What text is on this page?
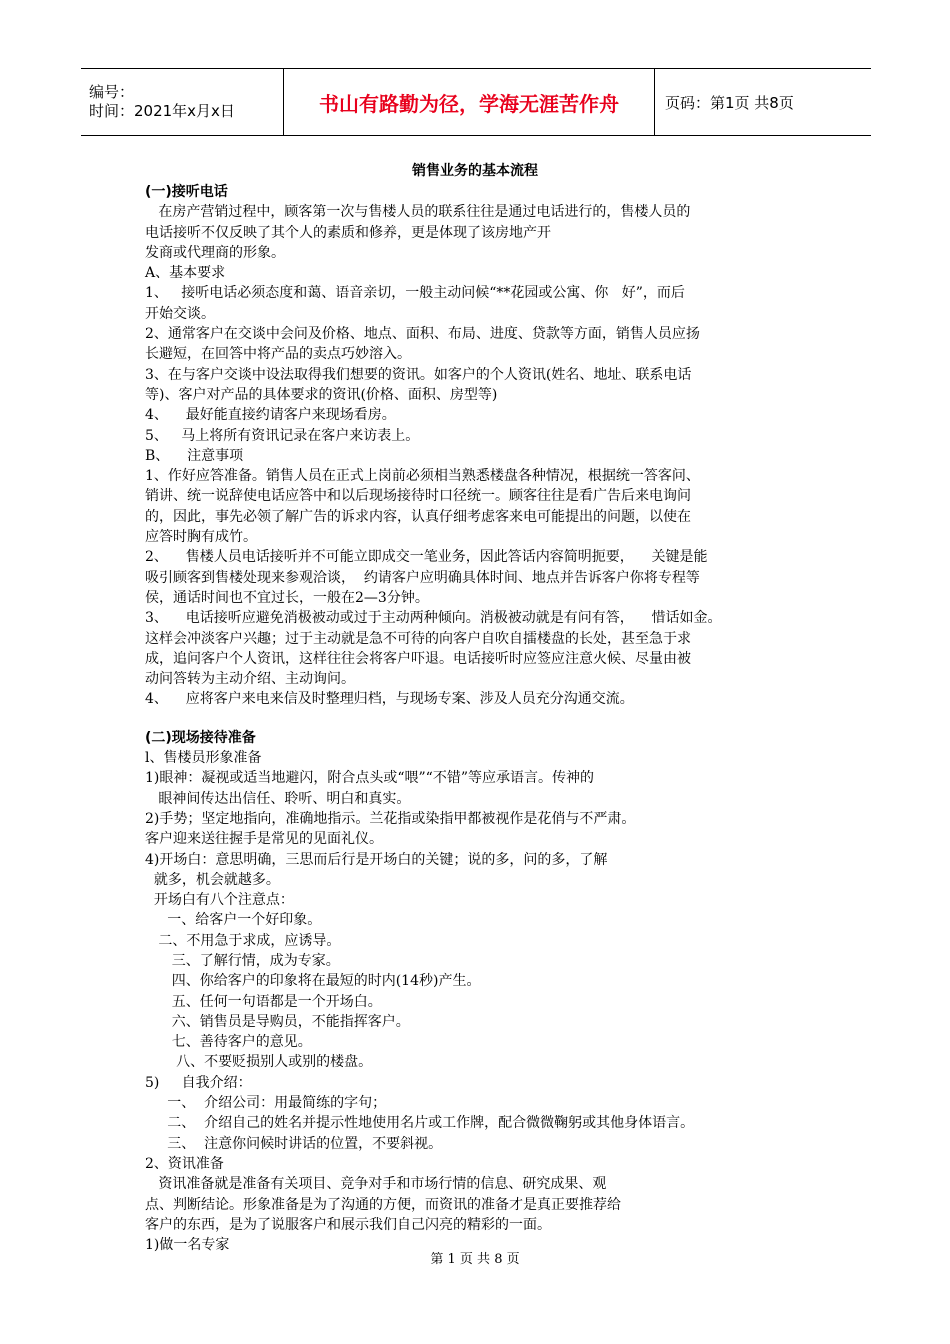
编号：
时间：2021年x月x日	书山有路勤为径，学海无涯苦作舟	页码：第1页 共8页
销售业务的基本流程
(一)接听电话
在房产营销过程中，顾客第一次与售楼人员的联系往往是通过电话进行的，售楼人员的
电话接听不仅反映了其个人的素质和修养，更是体现了该房地产开
发商或代理商的形象。
A、基本要求
1、   接听电话必须态度和蔼、语音亲切，一般主动问候“**花园或公寓、你   好”，而后
开始交谈。
2、通常客户在交谈中会问及价格、地点、面积、布局、进度、贷款等方面，销售人员应扬
长避短，在回答中将产品的卖点巧妙溶入。
3、在与客户交谈中设法取得我们想要的资讯。如客户的个人资讯(姓名、地址、联系电话
等)、客户对产品的具体要求的资讯(价格、面积、房型等)
4、    最好能直接约请客户来现场看房。
5、   马上将所有资讯记录在客户来访表上。
B、    注意事项
1、作好应答准备。销售人员在正式上岗前必须相当熟悉楼盘各种情况，根据统一答客问、
销讲、统一说辞使电话应答中和以后现场接待时口径统一。顾客往往是看广告后来电询问
的，因此，事先必领了解广告的诉求内容，认真仔细考虑客来电可能提出的问题，以使在
应答时胸有成竹。
2、    售楼人员电话接听并不可能立即成交一笔业务，因此答话内容简明扼要，    关键是能
吸引顾客到售楼处现来参观洽谈，  约请客户应明确具体时间、地点并告诉客户你将专程等
侯，通话时间也不宜过长，一般在2—3分钟。
3、    电话接听应避免消极被动或过于主动两种倾向。消极被动就是有问有答，    惜话如金。
这样会冲淡客户兴趣；过于主动就是急不可待的向客户自吹自擂楼盘的长处，甚至急于求
成，追问客户个人资讯，这样往往会将客户吓退。电话接听时应签应注意火候、尽量由被
动问答转为主动介绍、主动询问。
4、    应将客户来电来信及时整理归档，与现场专案、涉及人员充分沟通交流。
(二)现场接待准备
l、售楼员形象准备
1)眼神：凝视或适当地避闪，附合点头或“喂”“不错”等应承语言。传神的
眼神间传达出信任、聆听、明白和真实。
2)手势；坚定地指向，准确地指示。兰花指或染指甲都被视作是花俏与不严肃。
客户迎来送往握手是常见的见面礼仪。
4)开场白：意思明确，三思而后行是开场白的关键；说的多，问的多，了解
就多，机会就越多。
开场白有八个注意点：
一、给客户一个好印象。
二、不用急于求成，应诱导。
三、了解行情，成为专家。
四、你给客户的印象将在最短的时内(14秒)产生。
五、任何一句语都是一个开场白。
六、销售员是导购员，不能指挥客户。
七、善待客户的意见。
八、不要贬损别人或别的楼盘。
5)     自我介绍：
一、  介绍公司：用最简练的字句；
二、  介绍自己的姓名并提示性地使用名片或工作牌，配合微微鞠躬或其他身体语言。
三、  注意你问候时讲话的位置，不要斜视。
2、资讯准备
资讯准备就是准备有关项目、竞争对手和市场行情的信息、研究成果、观
点、判断结论。形象准备是为了沟通的方便，而资讯的准备才是真正要推荐给
客户的东西，是为了说服客户和展示我们自己闪亮的精彩的一面。
1)做一名专家
第 1 页 共 8 页
